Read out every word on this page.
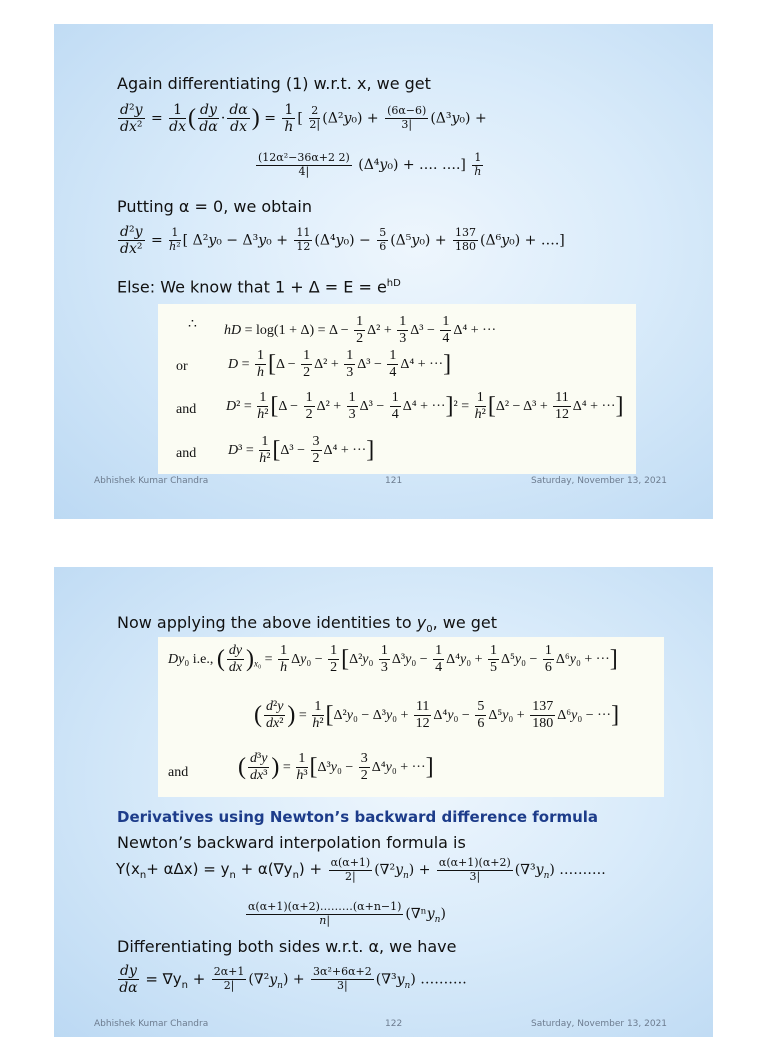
Again differentiating (1) w.r.t. x, we get
$\frac{\text{d²y}}{\text{dx²}} = \frac{1}{dx}$ ( $\frac{dy}{d\alpha} \cdot \frac{d\alpha}{dx}$ ) = $\frac{1}{h}$ [ $\frac{2}{2|} (\Delta^2y_0) + \frac{(6\alpha-6)}{3|} (\Delta^3y_0)$ +
$\frac{\text{(12α²−36α+2 2)}}{4|} (\Delta^4y_0)$ + …. ….] $\frac{1}{h}$
Putting α = 0, we obtain
$\frac{\text{d²y}}{\text{dx²}} = \frac{1}{\text{h²}}$ [ $\Delta^2y_0 - \Delta^3y_0 + \frac{11}{12} (\Delta^4y_0) - \frac{5}{6} (\Delta^5y_0) + \frac{137}{180} (\Delta^6y_0)$ + ….]
Else: We know that $1 + \Delta = E = e^{hD}$
∴ hD = $\log(1 + \Delta) = \Delta - \frac{1}{2} \Delta^2 + \frac{1}{3} \Delta^3 - \frac{1}{4} \Delta^4$ + ···
or	$D = \frac{1}{h} [\Delta - \frac{1}{2} \Delta^2 + \frac{1}{3} \Delta^3 - \frac{1}{4} \Delta^4$ + ···]
and $D^2 = \frac{1}{\text{h²}} [\Delta - \frac{1}{2} \Delta^2 + \frac{1}{3} \Delta^3 - \frac{1}{4} \Delta^4 + \cdot\cdot\cdot]^2 = \frac{1}{\text{h²}} [\Delta^2 - \Delta^3 + \frac{11}{12} \Delta^4$ + ···]
and $D^3 = \frac{1}{\text{h²}} [\Delta^3 - \frac{3}{2} \Delta^4$ + ···]
Abhishek Kumar Chandra	121	Saturday, November 13, 2021
Now applying the above identities to $y_0$, we get
Dy₀ i.e., ( $\frac{dy}{dx} )_{x_0} = \frac{1}{h} \Delta y_0 - \frac{1}{2} [\Delta^2y_0 \frac{1}{3} \Delta^3y_0 - \frac{1}{4} \Delta^4y_0 + \frac{1}{5} \Delta^5y_0 - \frac{1}{6} \Delta^6y_0$ + ···]
( $\frac{\text{d²y}}{\text{dx²}}$ ) = $\frac{1}{\text{h²}} [\Delta^2y_0 - \Delta^3y_0 + \frac{11}{12} \Delta^4y_0 - \frac{5}{6} \Delta^5y_0 + \frac{137}{180} \Delta^6y_0$ − ···]
and ( $\frac{\text{d³y}}{\text{dx³}}$ ) = $\frac{1}{\text{h³}} [\Delta^3y_0 - \frac{3}{2} \Delta^4y_0$ + ···]
Derivatives using Newton’s backward difference formula
Newton’s backward interpolation formula is
$Y(x_n+ \alpha\Delta x) = y_n + \alpha(\nabla y_n) + \frac{\alpha(\alpha+1)}{2|} (\nabla^2y_n) + \frac{\alpha(\alpha+1)(\alpha+2)}{3|} (\nabla^3y_n)$ ……….
$\frac{\alpha(\alpha+1)(\alpha+2)\dots\dots\dots(\alpha+n-1)}{n|} (\nabla^ny_n)$
Differentiating both sides w.r.t. α, we have
$\frac{dy}{d\alpha} = \nabla y_n + \frac{2\alpha+1}{2|} (\nabla^2y_n) + \frac{\text{3α²+6α+2}}{3|} (\nabla^3y_n)$ ……….
Abhishek Kumar Chandra	122	Saturday, November 13, 2021
